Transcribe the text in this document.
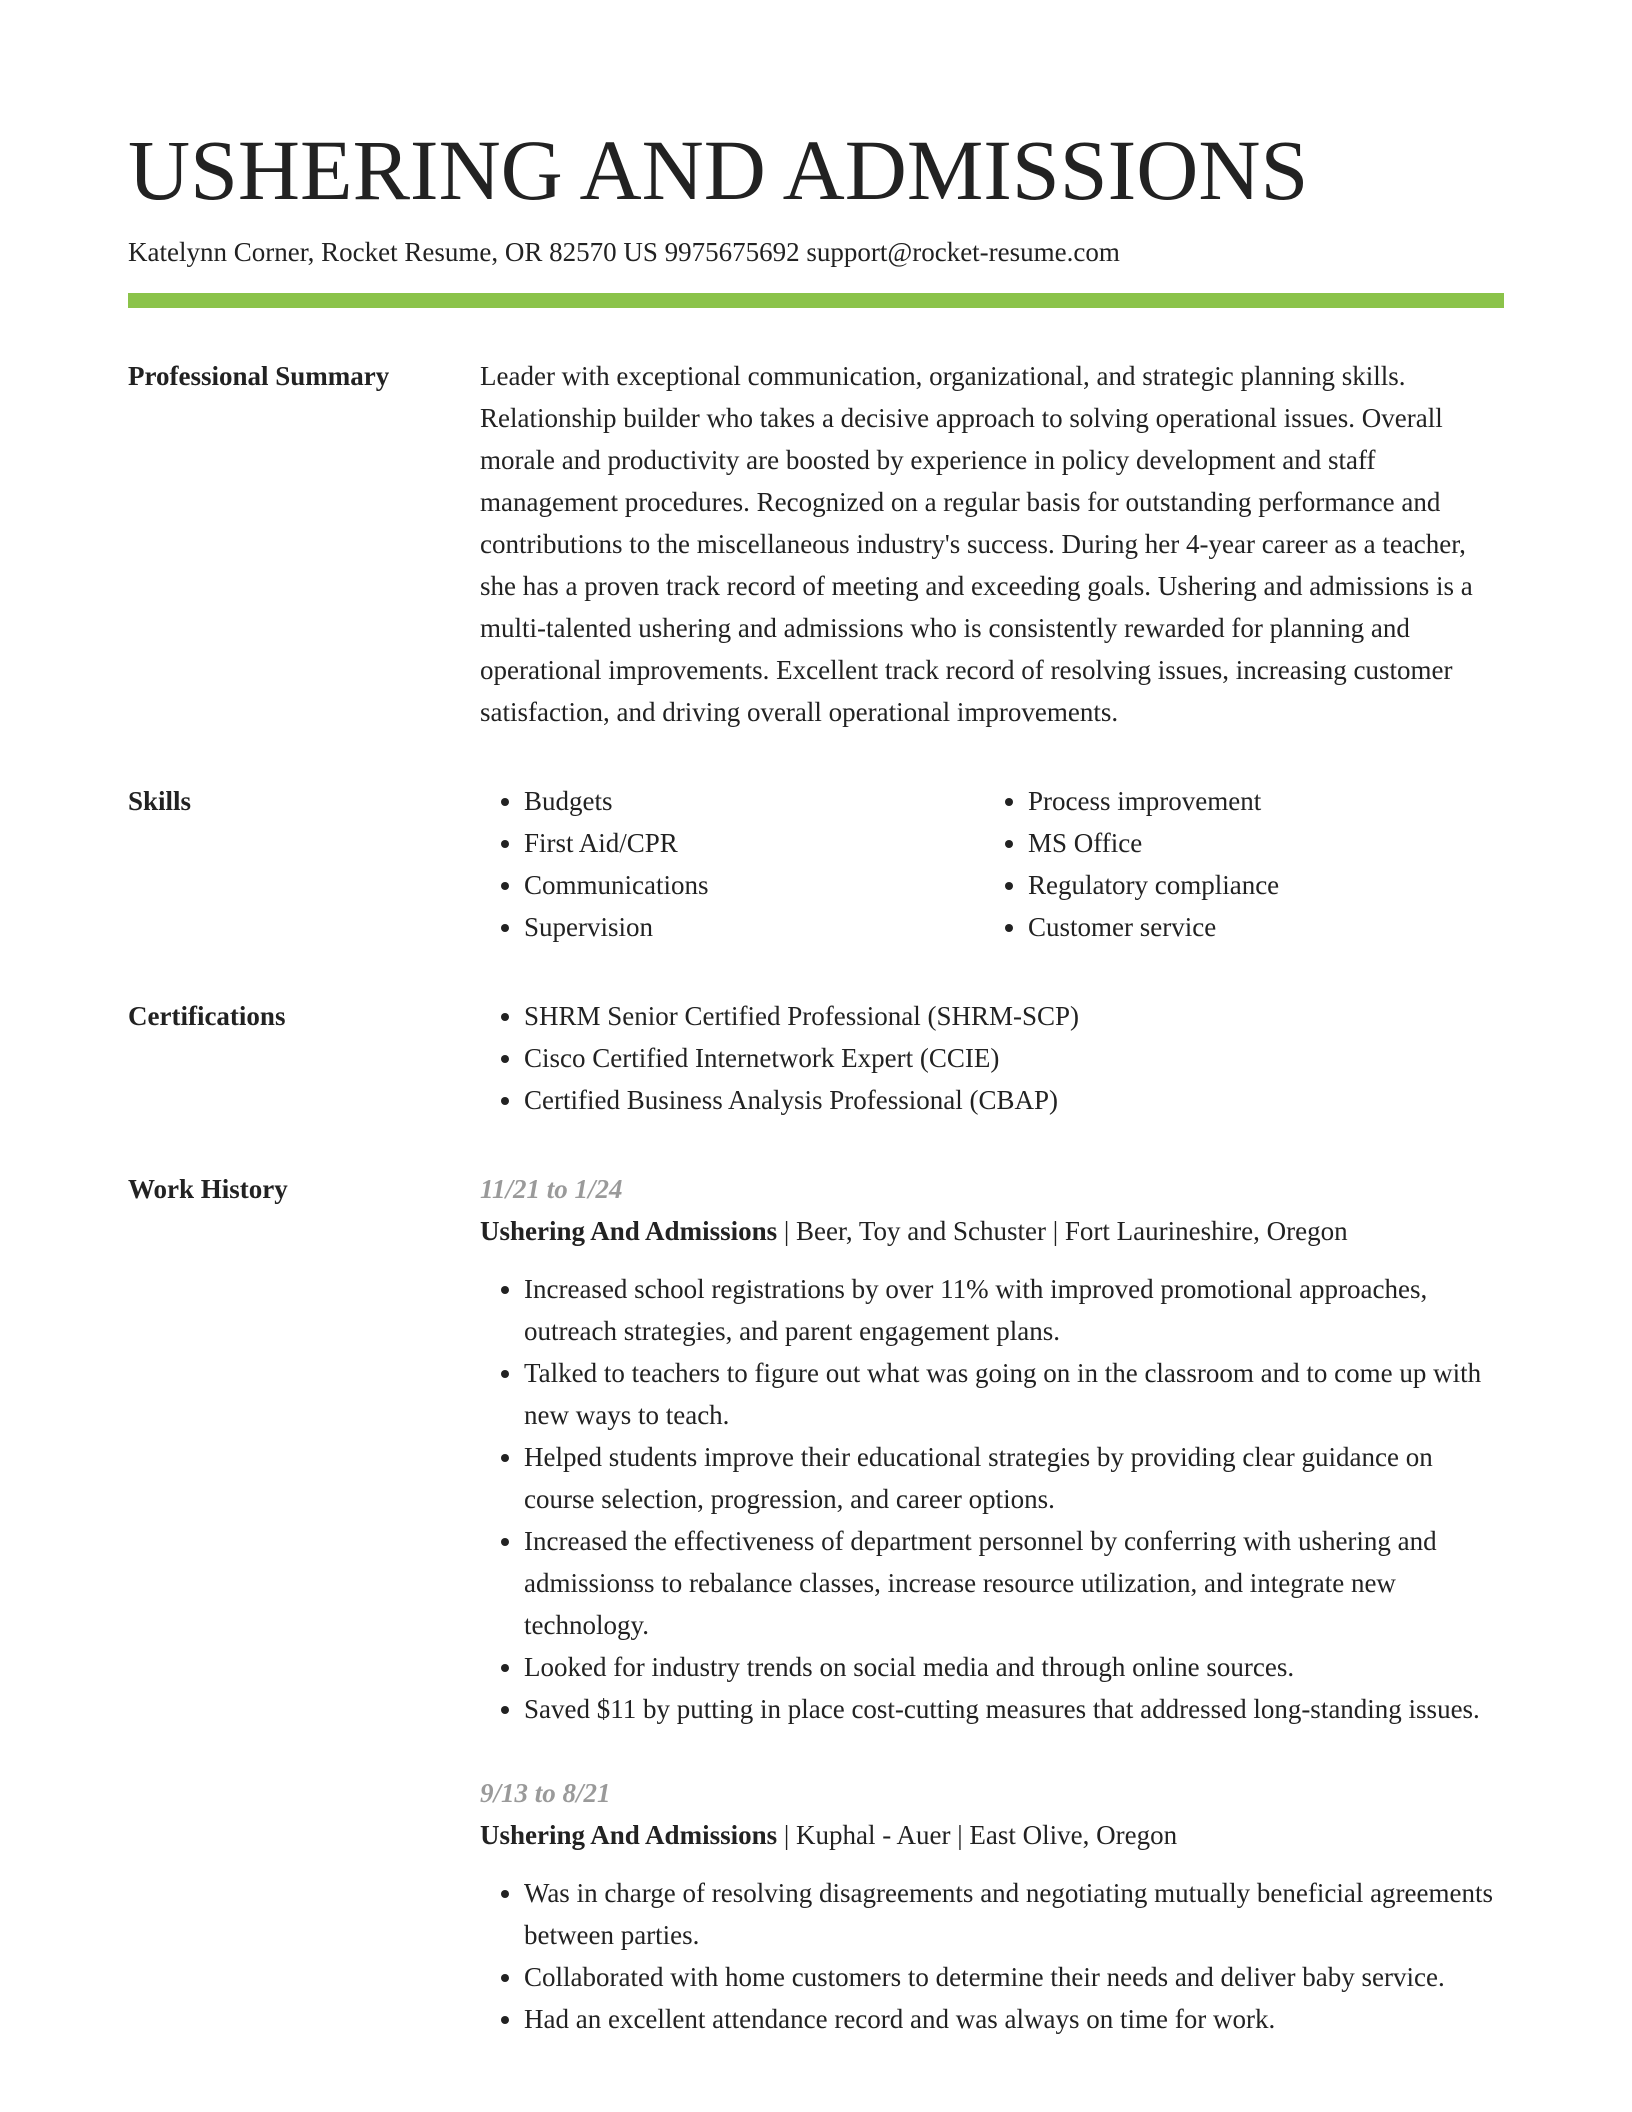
USHERING AND ADMISSIONS
Katelynn Corner, Rocket Resume, OR 82570 US 9975675692 support@rocket-resume.com
Professional Summary	Leader with exceptional communication, organizational, and strategic planning skills. Relationship builder who takes a decisive approach to solving operational issues. Overall morale and productivity are boosted by experience in policy development and staff management procedures. Recognized on a regular basis for outstanding performance and contributions to the miscellaneous industry's success. During her 4-year career as a teacher, she has a proven track record of meeting and exceeding goals. Ushering and admissions is a multi-talented ushering and admissions who is consistently rewarded for planning and operational improvements. Excellent track record of resolving issues, increasing customer satisfaction, and driving overall operational improvements.

Skills	• Budgets
• First Aid/CPR
• Communications
• Supervision
• Process improvement
• MS Office
• Regulatory compliance
• Customer service
Certifications	• SHRM Senior Certified Professional (SHRM-SCP)
• Cisco Certified Internetwork Expert (CCIE)
• Certified Business Analysis Professional (CBAP)
Work History	11/21 to 1/24
Ushering And Admissions | Beer, Toy and Schuster | Fort Laurineshire, Oregon
• Increased school registrations by over 11% with improved promotional approaches, outreach strategies, and parent engagement plans.
• Talked to teachers to figure out what was going on in the classroom and to come up with new ways to teach.
• Helped students improve their educational strategies by providing clear guidance on course selection, progression, and career options.
• Increased the effectiveness of department personnel by conferring with ushering and admissionss to rebalance classes, increase resource utilization, and integrate new technology.
• Looked for industry trends on social media and through online sources.
• Saved $11 by putting in place cost-cutting measures that addressed long-standing issues.
9/13 to 8/21
Ushering And Admissions | Kuphal - Auer | East Olive, Oregon
• Was in charge of resolving disagreements and negotiating mutually beneficial agreements between parties.
• Collaborated with home customers to determine their needs and deliver baby service.
• Had an excellent attendance record and was always on time for work.
